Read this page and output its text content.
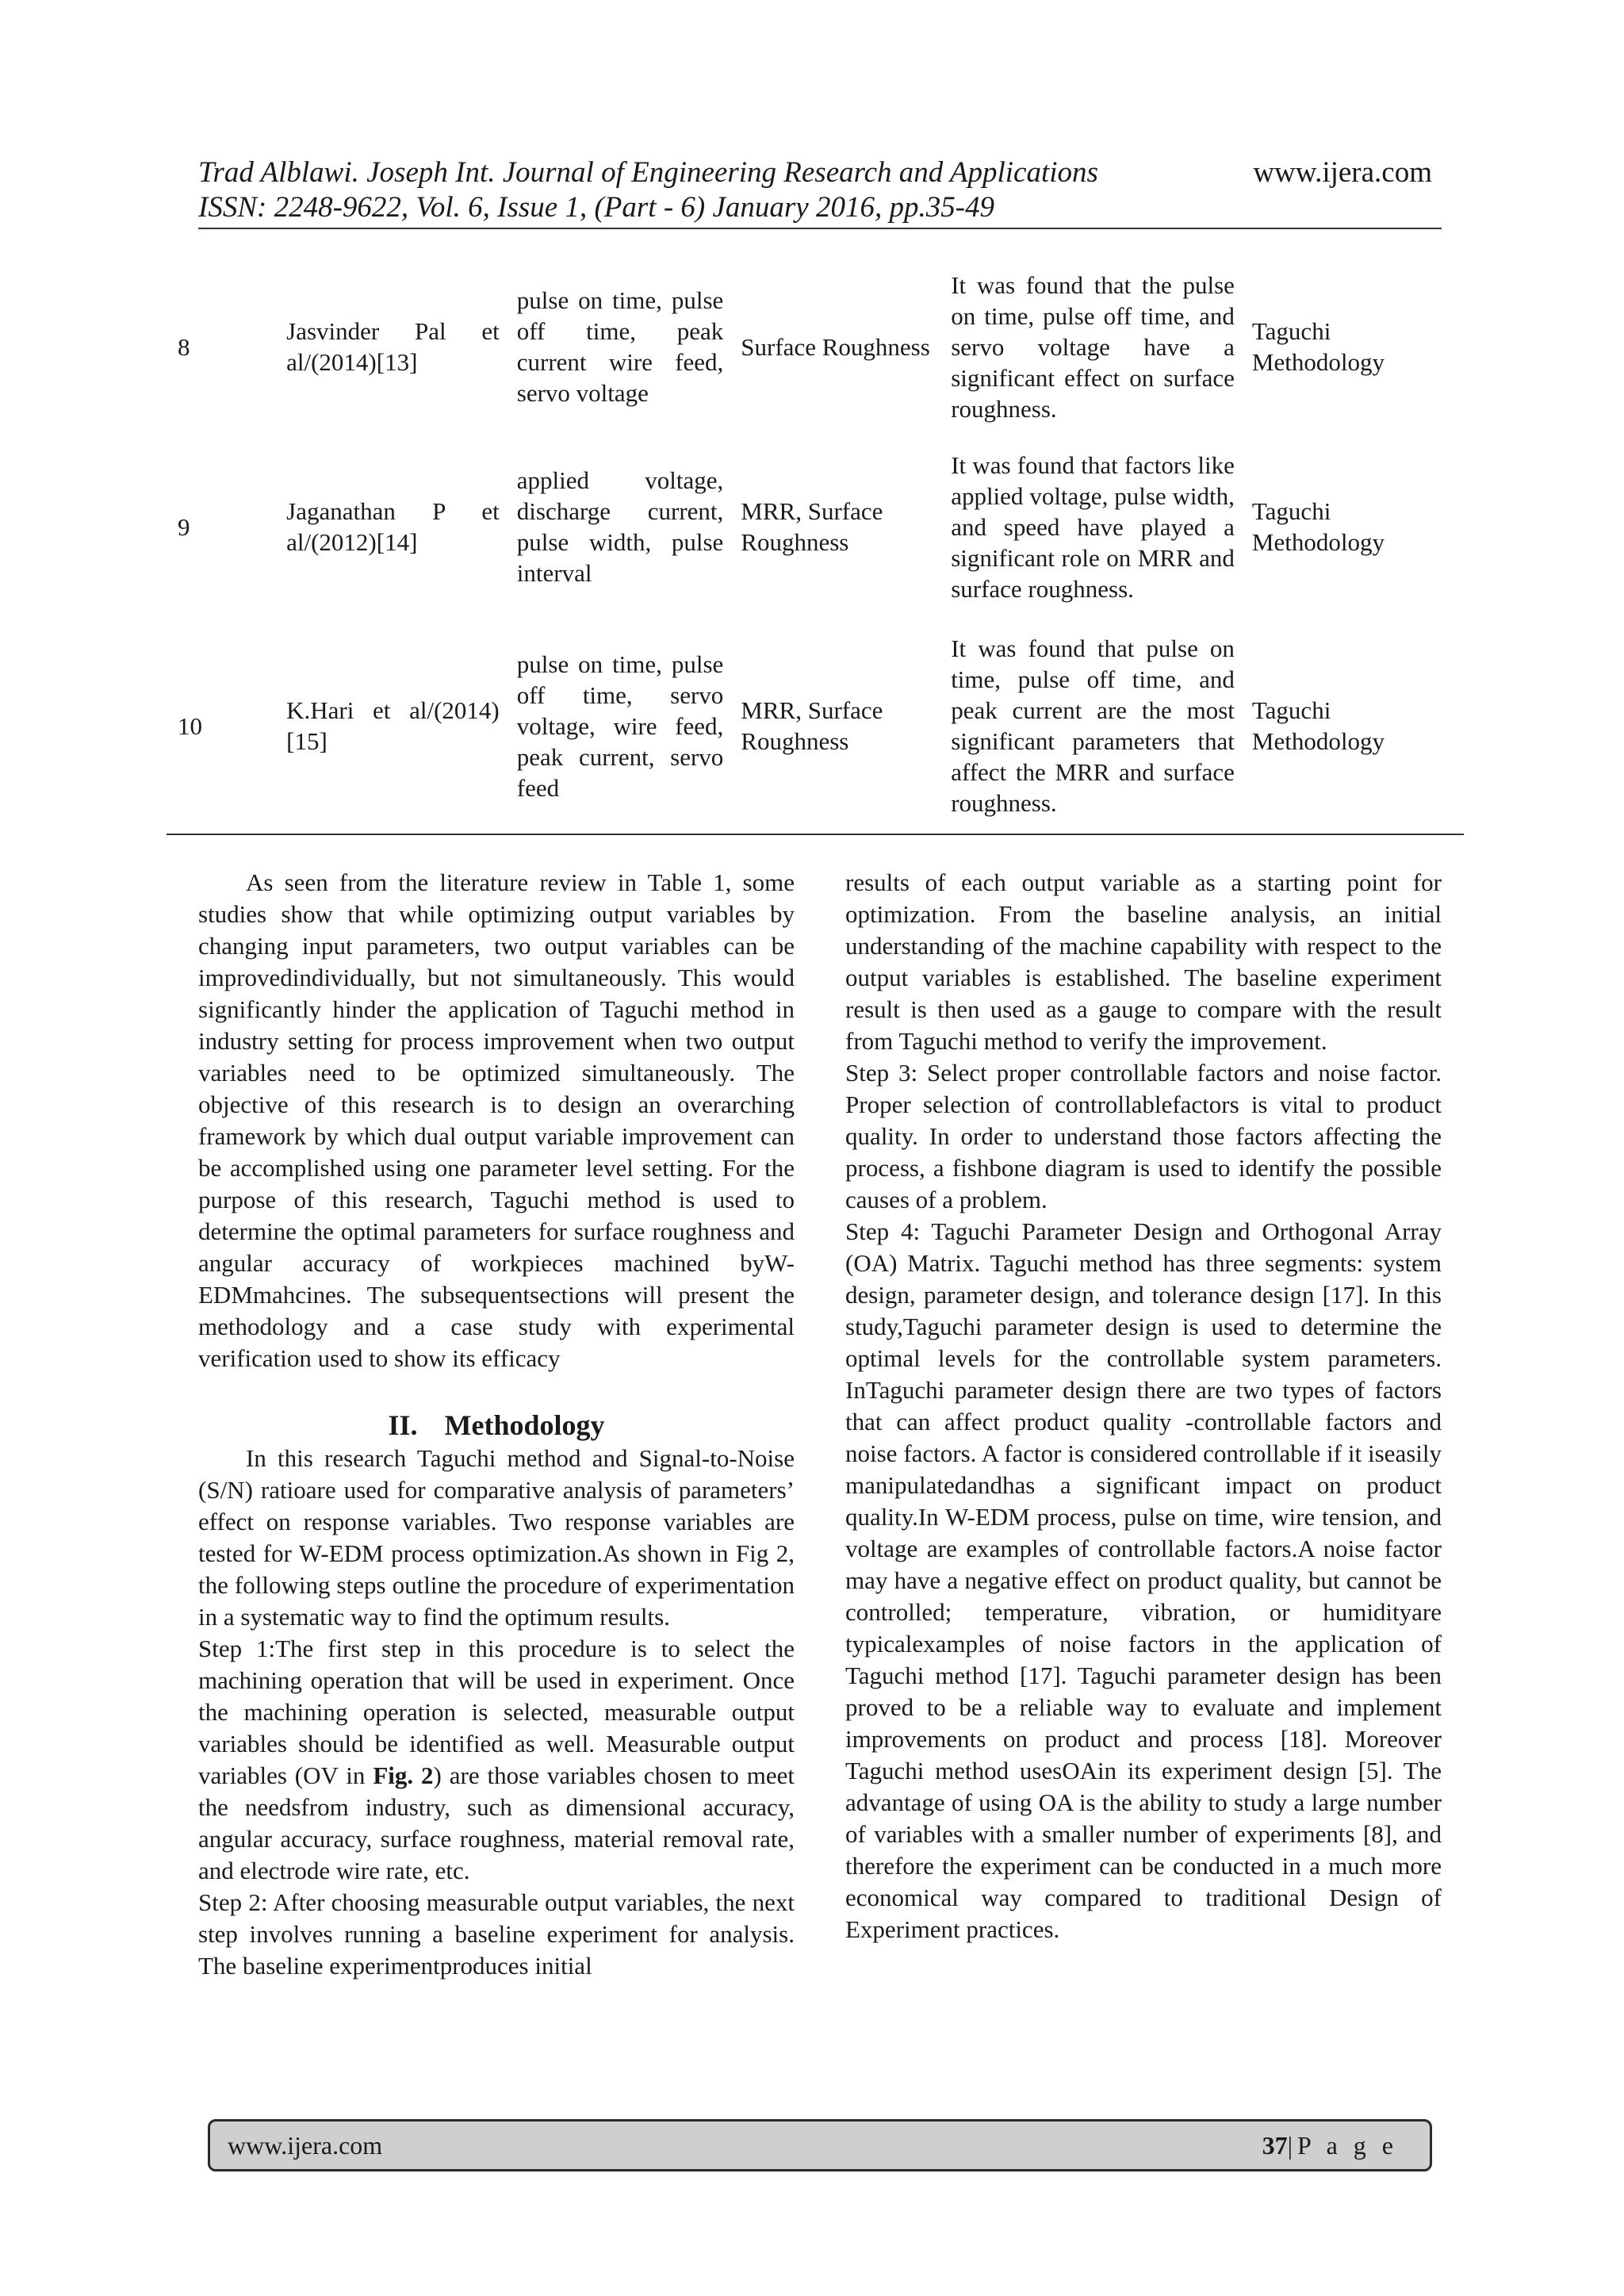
Trad Alblawi. Joseph Int. Journal of Engineering Research and Applications
ISSN: 2248-9622, Vol. 6, Issue 1, (Part - 6) January 2016, pp.35-49
www.ijera.com
8	Jasvinder Pal et al/(2014)[13]	pulse on time, pulse off time, peak current wire feed, servo voltage	Surface Roughness	It was found that the pulse on time, pulse off time, and servo voltage have a significant effect on surface roughness.	Taguchi Methodology
9	Jaganathan P et al/(2012)[14]	applied voltage, discharge current, pulse width, pulse interval	MRR, Surface Roughness	It was found that factors like applied voltage, pulse width, and speed have played a significant role on MRR and surface roughness.	Taguchi Methodology
10	K.Hari et al/(2014)[15]	pulse on time, pulse off time, servo voltage, wire feed, peak current, servo feed	MRR, Surface Roughness	It was found that pulse on time, pulse off time, and peak current are the most significant parameters that affect the MRR and surface roughness.	Taguchi Methodology

As seen from the literature review in Table 1, some studies show that while optimizing output variables by changing input parameters, two output variables can be improvedindividually, but not simultaneously. This would significantly hinder the application of Taguchi method in industry setting for process improvement when two output variables need to be optimized simultaneously. The objective of this research is to design an overarching framework by which dual output variable improvement can be accomplished using one parameter level setting. For the purpose of this research, Taguchi method is used to determine the optimal parameters for surface roughness and angular accuracy of workpieces machined byW-EDMmahcines. The subsequentsections will present the methodology and a case study with experimental verification used to show its efficacy

II. Methodology

In this research Taguchi method and Signal-to-Noise (S/N) ratioare used for comparative analysis of parameters’ effect on response variables. Two response variables are tested for W-EDM process optimization.As shown in Fig 2, the following steps outline the procedure of experimentation in a systematic way to find the optimum results.

Step 1:The first step in this procedure is to select the machining operation that will be used in experiment. Once the machining operation is selected, measurable output variables should be identified as well. Measurable output variables (OV in Fig. 2) are those variables chosen to meet the needsfrom industry, such as dimensional accuracy, angular accuracy, surface roughness, material removal rate, and electrode wire rate, etc.

Step 2: After choosing measurable output variables, the next step involves running a baseline experiment for analysis. The baseline experimentproduces initial

results of each output variable as a starting point for optimization. From the baseline analysis, an initial understanding of the machine capability with respect to the output variables is established. The baseline experiment result is then used as a gauge to compare with the result from Taguchi method to verify the improvement.

Step 3: Select proper controllable factors and noise factor. Proper selection of controllablefactors is vital to product quality. In order to understand those factors affecting the process, a fishbone diagram is used to identify the possible causes of a problem.

Step 4: Taguchi Parameter Design and Orthogonal Array (OA) Matrix. Taguchi method has three segments: system design, parameter design, and tolerance design [17]. In this study,Taguchi parameter design is used to determine the optimal levels for the controllable system parameters. InTaguchi parameter design there are two types of factors that can affect product quality -controllable factors and noise factors. A factor is considered controllable if it iseasily manipulatedandhas a significant impact on product quality.In W-EDM process, pulse on time, wire tension, and voltage are examples of controllable factors.A noise factor may have a negative effect on product quality, but cannot be controlled; temperature, vibration, or humidityare typicalexamples of noise factors in the application of Taguchi method [17]. Taguchi parameter design has been proved to be a reliable way to evaluate and implement improvements on product and process [18]. Moreover Taguchi method usesOAin its experiment design [5]. The advantage of using OA is the ability to study a large number of variables with a smaller number of experiments [8], and therefore the experiment can be conducted in a much more economical way compared to traditional Design of Experiment practices.

www.ijera.com	37|P a g e
